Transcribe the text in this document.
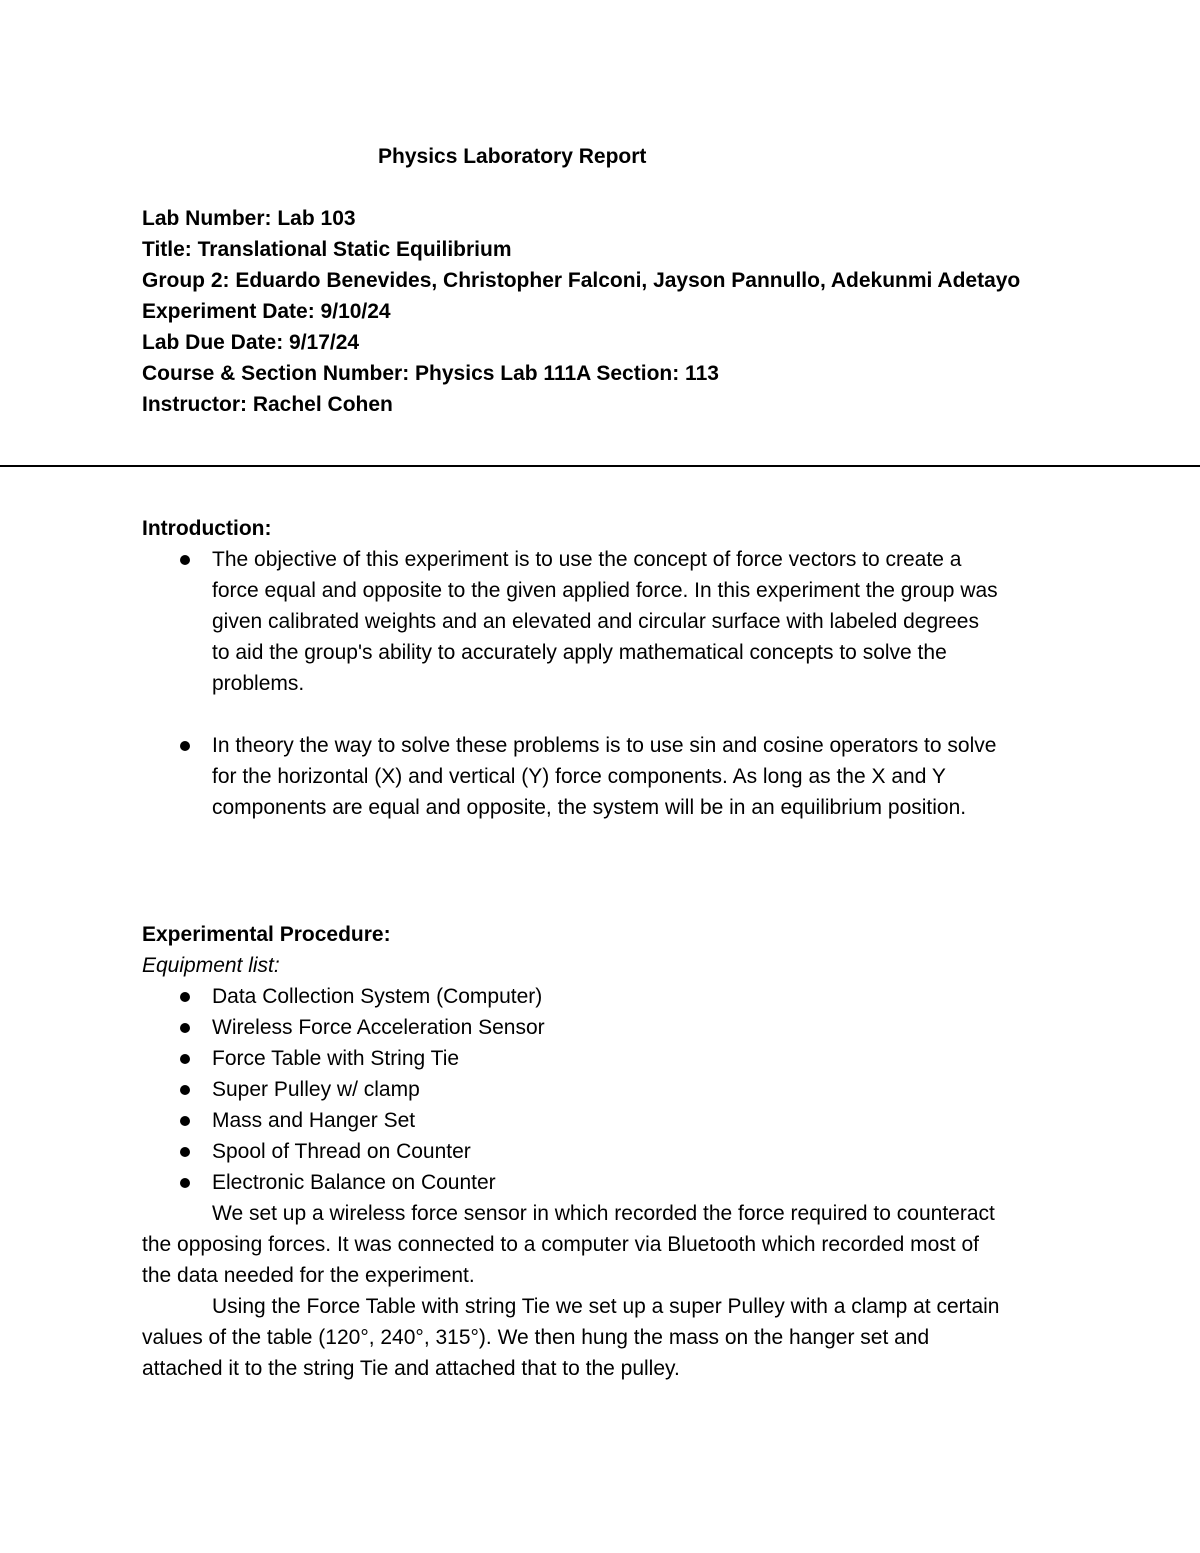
Physics Laboratory Report
Lab Number: Lab 103
Title: Translational Static Equilibrium
Group 2: Eduardo Benevides, Christopher Falconi, Jayson Pannullo, Adekunmi Adetayo
Experiment Date: 9/10/24
Lab Due Date: 9/17/24
Course & Section Number: Physics Lab 111A Section: 113
Instructor: Rachel Cohen
Introduction:
The objective of this experiment is to use the concept of force vectors to create a force equal and opposite to the given applied force. In this experiment the group was given calibrated weights and an elevated and circular surface with labeled degrees to aid the group's ability to accurately apply mathematical concepts to solve the problems.
In theory the way to solve these problems is to use sin and cosine operators to solve for the horizontal (X) and vertical (Y) force components. As long as the X and Y components are equal and opposite, the system will be in an equilibrium position.
Experimental Procedure:
Equipment list:
Data Collection System (Computer)
Wireless Force Acceleration Sensor
Force Table with String Tie
Super Pulley w/ clamp
Mass and Hanger Set
Spool of Thread on Counter
Electronic Balance on Counter

We set up a wireless force sensor in which recorded the force required to counteract the opposing forces. It was connected to a computer via Bluetooth which recorded most of the data needed for the experiment.

Using the Force Table with string Tie we set up a super Pulley with a clamp at certain values of the table (120°, 240°, 315°). We then hung the mass on the hanger set and attached it to the string Tie and attached that to the pulley.
